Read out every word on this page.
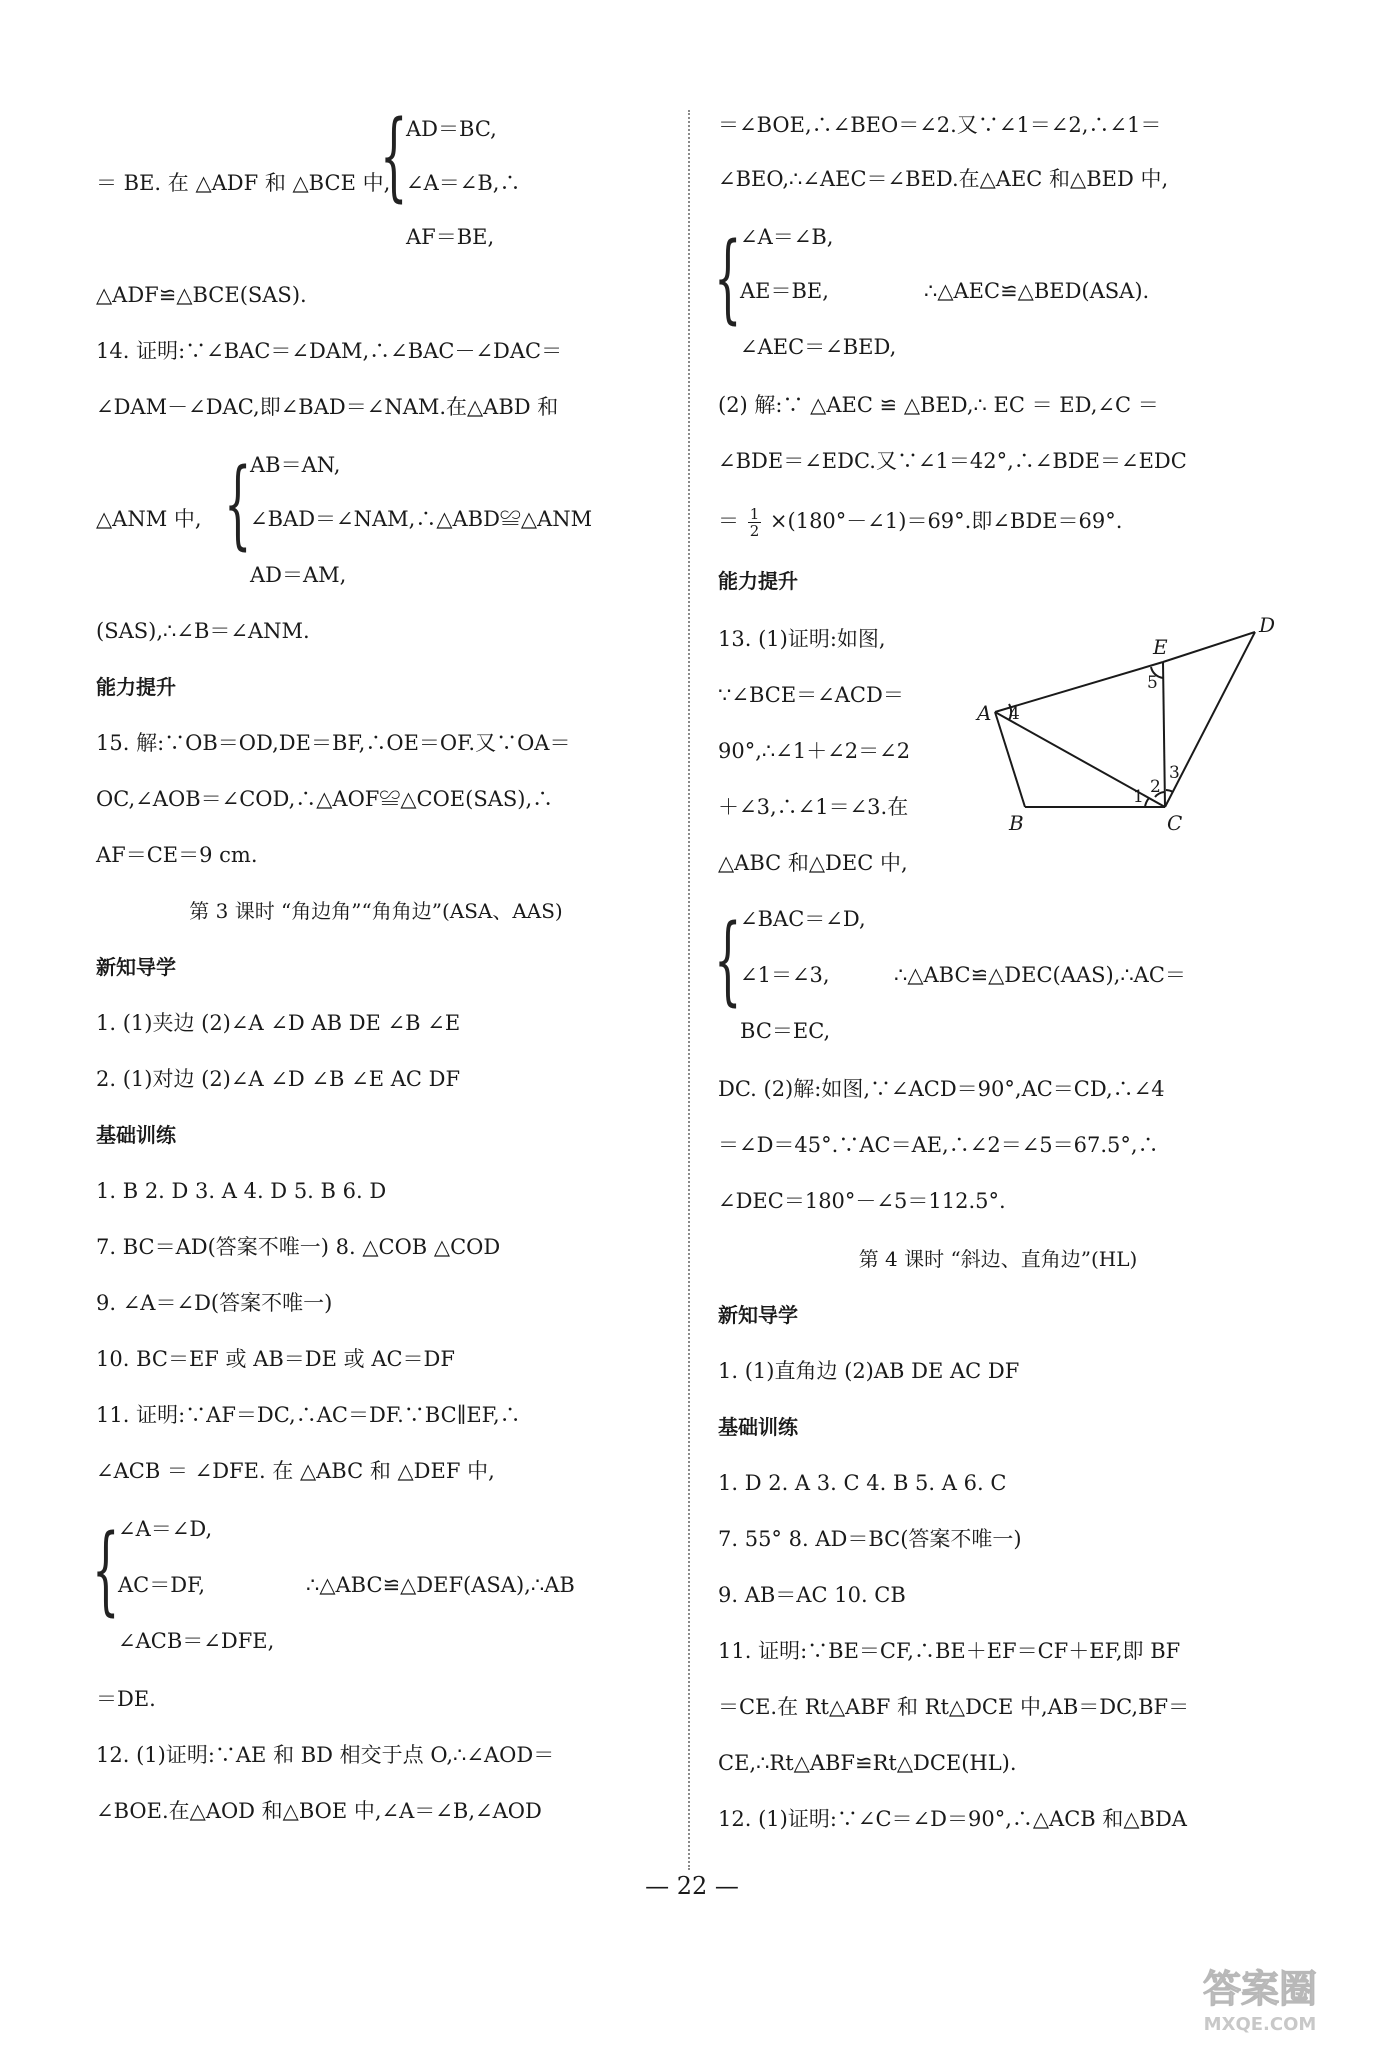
{
AD＝BC,
∠A＝∠B,∴
AF＝BE,
＝ BE. 在 △ADF 和 △BCE 中,
△ADF≌△BCE(SAS).
14. 证明:∵∠BAC＝∠DAM,∴∠BAC－∠DAC＝
∠DAM－∠DAC,即∠BAD＝∠NAM.在△ABD 和
{
AB＝AN,
∠BAD＝∠NAM,∴△ABD≌△ANM
AD＝AM,
△ANM 中,
(SAS),∴∠B＝∠ANM.
能力提升
15. 解:∵OB＝OD,DE＝BF,∴OE＝OF.又∵OA＝
OC,∠AOB＝∠COD,∴△AOF≌△COE(SAS),∴
AF＝CE＝9 cm.
第 3 课时 “角边角”“角角边”(ASA、AAS)
新知导学
1. (1)夹边 (2)∠A ∠D AB DE ∠B ∠E
2. (1)对边 (2)∠A ∠D ∠B ∠E AC DF
基础训练
1. B 2. D 3. A 4. D 5. B 6. D
7. BC＝AD(答案不唯一) 8. △COB △COD
9. ∠A＝∠D(答案不唯一)
10. BC＝EF 或 AB＝DE 或 AC＝DF
11. 证明:∵AF＝DC,∴AC＝DF.∵BC∥EF,∴
∠ACB ＝ ∠DFE. 在 △ABC 和 △DEF 中,
{
∠A＝∠D,
AC＝DF,
∠ACB＝∠DFE,
∴△ABC≌△DEF(ASA),∴AB
＝DE.
12. (1)证明:∵AE 和 BD 相交于点 O,∴∠AOD＝
∠BOE.在△AOD 和△BOE 中,∠A＝∠B,∠AOD
＝∠BOE,∴∠BEO＝∠2.又∵∠1＝∠2,∴∠1＝
∠BEO,∴∠AEC＝∠BED.在△AEC 和△BED 中,
{
∠A＝∠B,
AE＝BE,
∠AEC＝∠BED,
∴△AEC≌△BED(ASA).
(2) 解:∵ △AEC ≌ △BED,∴ EC ＝ ED,∠C ＝
∠BDE＝∠EDC.又∵∠1＝42°,∴∠BDE＝∠EDC
＝ $\frac{1}{2}$ ×(180°－∠1)＝69°.即∠BDE＝69°.
能力提升
13. (1)证明:如图,
∵∠BCE＝∠ACD＝
90°,∴∠1＋∠2＝∠2
＋∠3,∴∠1＝∠3.在
△ABC 和△DEC 中,
{
∠BAC＝∠D,
∠1＝∠3,
BC＝EC,
∴△ABC≌△DEC(AAS),∴AC＝
DC. (2)解:如图,∵∠ACD＝90°,AC＝CD,∴∠4
＝∠D＝45°.∵AC＝AE,∴∠2＝∠5＝67.5°,∴
∠DEC＝180°－∠5＝112.5°.
第 4 课时 “斜边、直角边”(HL)
新知导学
1. (1)直角边 (2)AB DE AC DF
基础训练
1. D 2. A 3. C 4. B 5. A 6. C
7. 55° 8. AD＝BC(答案不唯一)
9. AB＝AC 10. CB
11. 证明:∵BE＝CF,∴BE＋EF＝CF＋EF,即 BF
＝CE.在 Rt△ABF 和 Rt△DCE 中,AB＝DC,BF＝
CE,∴Rt△ABF≌Rt△DCE(HL).
12. (1)证明:∵∠C＝∠D＝90°,∴△ACB 和△BDA
A
B	C
D
E
4
5
1 2
3
— 22 —
答案圈
MXQE.COM
